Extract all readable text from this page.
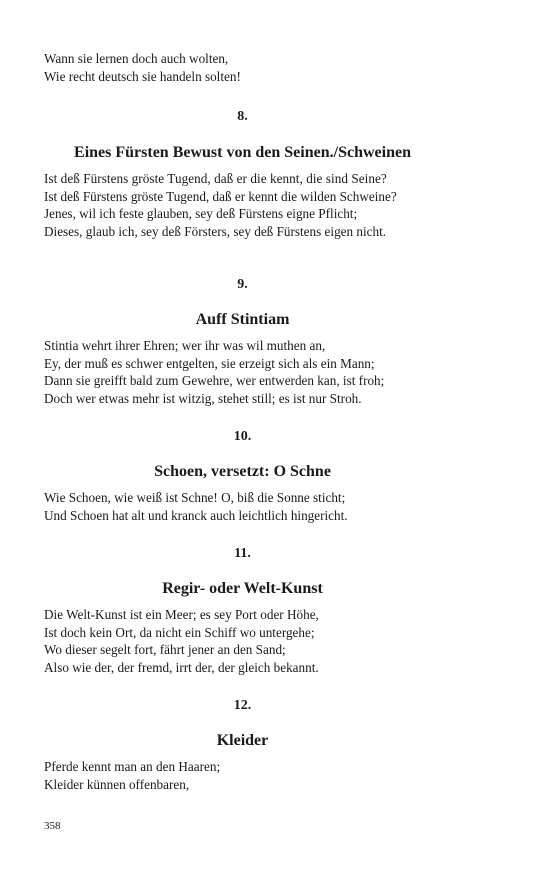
Wann sie lernen doch auch wolten,
Wie recht deutsch sie handeln solten!
8.
Eines Fürsten Bewust von den Seinen./Schweinen
Ist deß Fürstens gröste Tugend, daß er die kennt, die sind Seine?
Ist deß Fürstens gröste Tugend, daß er kennt die wilden Schweine?
Jenes, wil ich feste glauben, sey deß Fürstens eigne Pflicht;
Dieses, glaub ich, sey deß Försters, sey deß Fürstens eigen nicht.
9.
Auff Stintiam
Stintia wehrt ihrer Ehren; wer ihr was wil muthen an,
Ey, der muß es schwer entgelten, sie erzeigt sich als ein Mann;
Dann sie greifft bald zum Gewehre, wer entwerden kan, ist froh;
Doch wer etwas mehr ist witzig, stehet still; es ist nur Stroh.
10.
Schoen, versetzt: O Schne
Wie Schoen, wie weiß ist Schne! O, biß die Sonne sticht;
Und Schoen hat alt und kranck auch leichtlich hingericht.
11.
Regir- oder Welt-Kunst
Die Welt-Kunst ist ein Meer; es sey Port oder Höhe,
Ist doch kein Ort, da nicht ein Schiff wo untergehe;
Wo dieser segelt fort, fährt jener an den Sand;
Also wie der, der fremd, irrt der, der gleich bekannt.
12.
Kleider
Pferde kennt man an den Haaren;
Kleider künnen offenbaren,
358
